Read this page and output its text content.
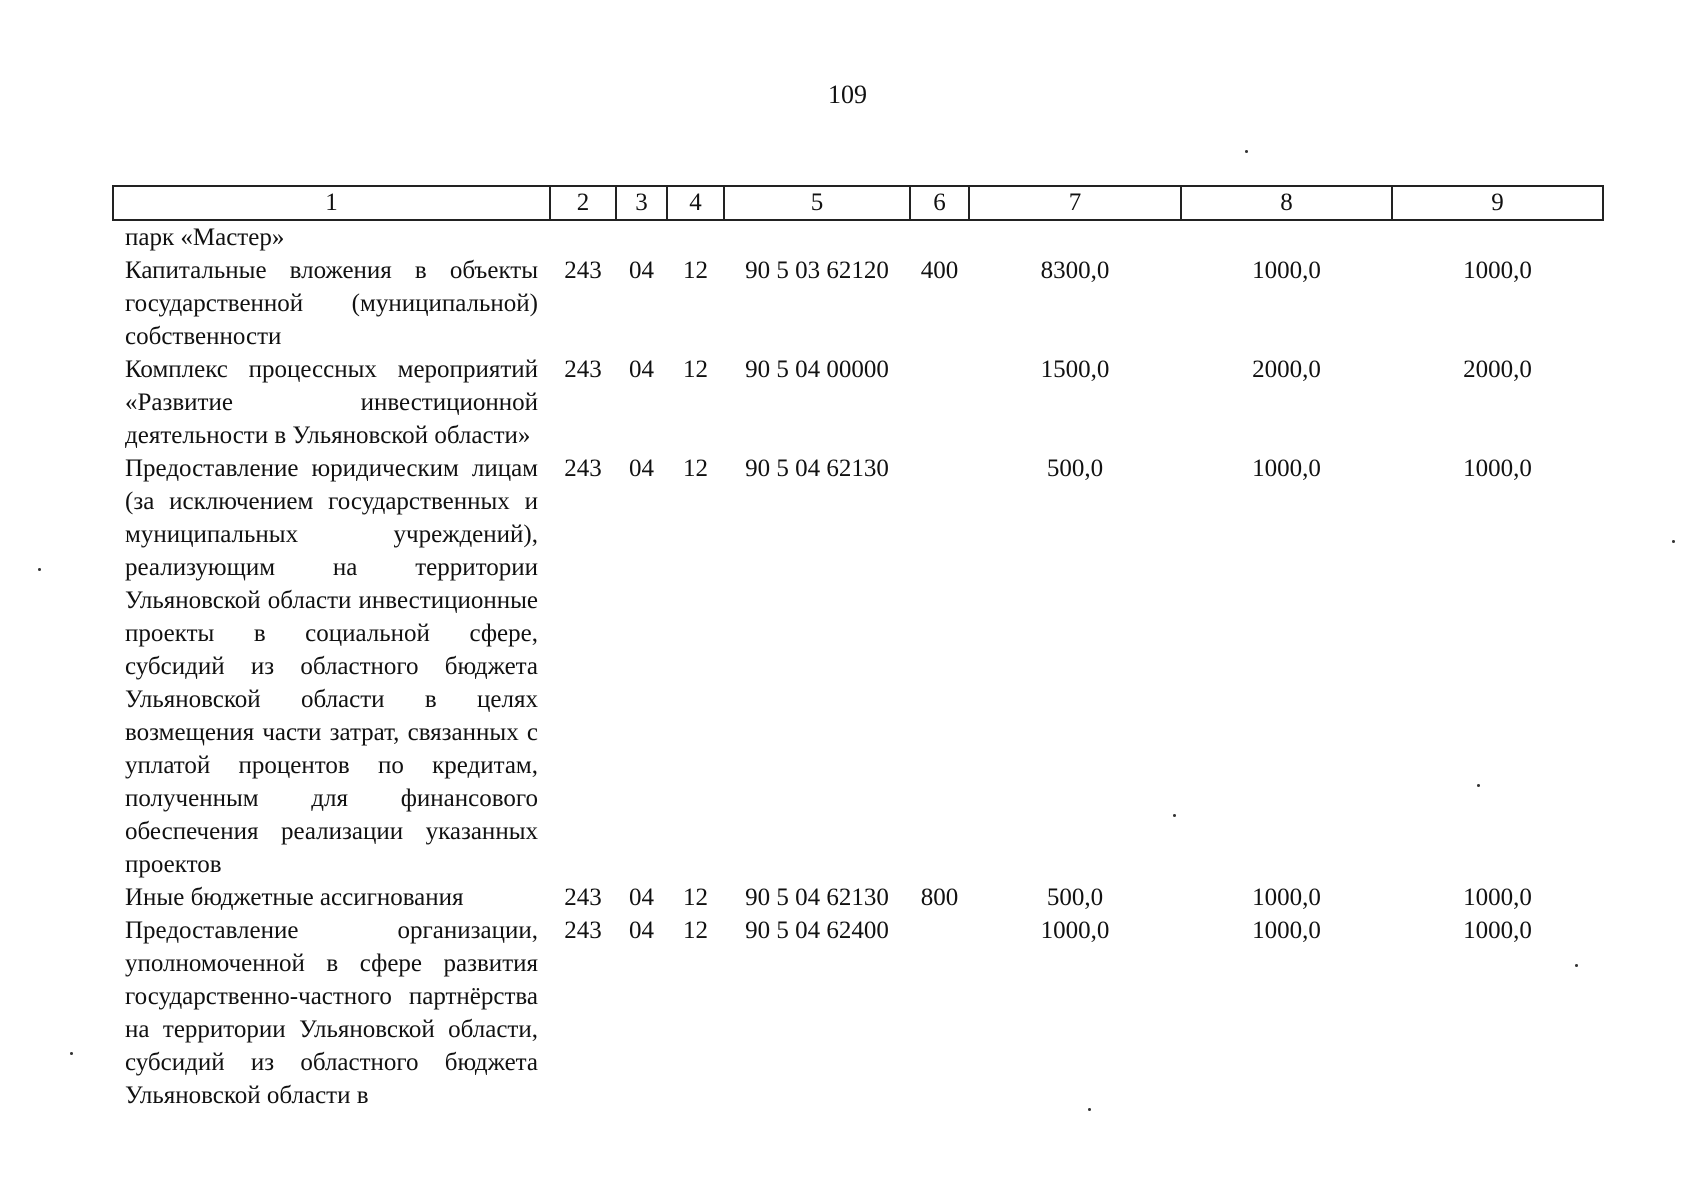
109
1	2	3	4	5	6	7	8	9
парк «Мастер»								
Капитальные вложения в объекты государственной (муниципальной) собственности	243	04	12	90 5 03 62120	400	8300,0	1000,0	1000,0
Комплекс процессных мероприятий «Развитие инвестиционной деятельности в Ульяновской области»	243	04	12	90 5 04 00000		1500,0	2000,0	2000,0
Предоставление юридическим лицам (за исключением государственных и муниципальных учреждений), реализующим на территории Ульяновской области инвестиционные проекты в социальной сфере, субсидий из областного бюджета Ульяновской области в целях возмещения части затрат, связанных с уплатой процентов по кредитам, полученным для финансового обеспечения реализации указанных проектов	243	04	12	90 5 04 62130		500,0	1000,0	1000,0
Иные бюджетные ассигнования	243	04	12	90 5 04 62130	800	500,0	1000,0	1000,0
Предоставление организации, уполномоченной в сфере развития государственно-частного партнёрства на территории Ульяновской области, субсидий из областного бюджета Ульяновской области в	243	04	12	90 5 04 62400		1000,0	1000,0	1000,0
